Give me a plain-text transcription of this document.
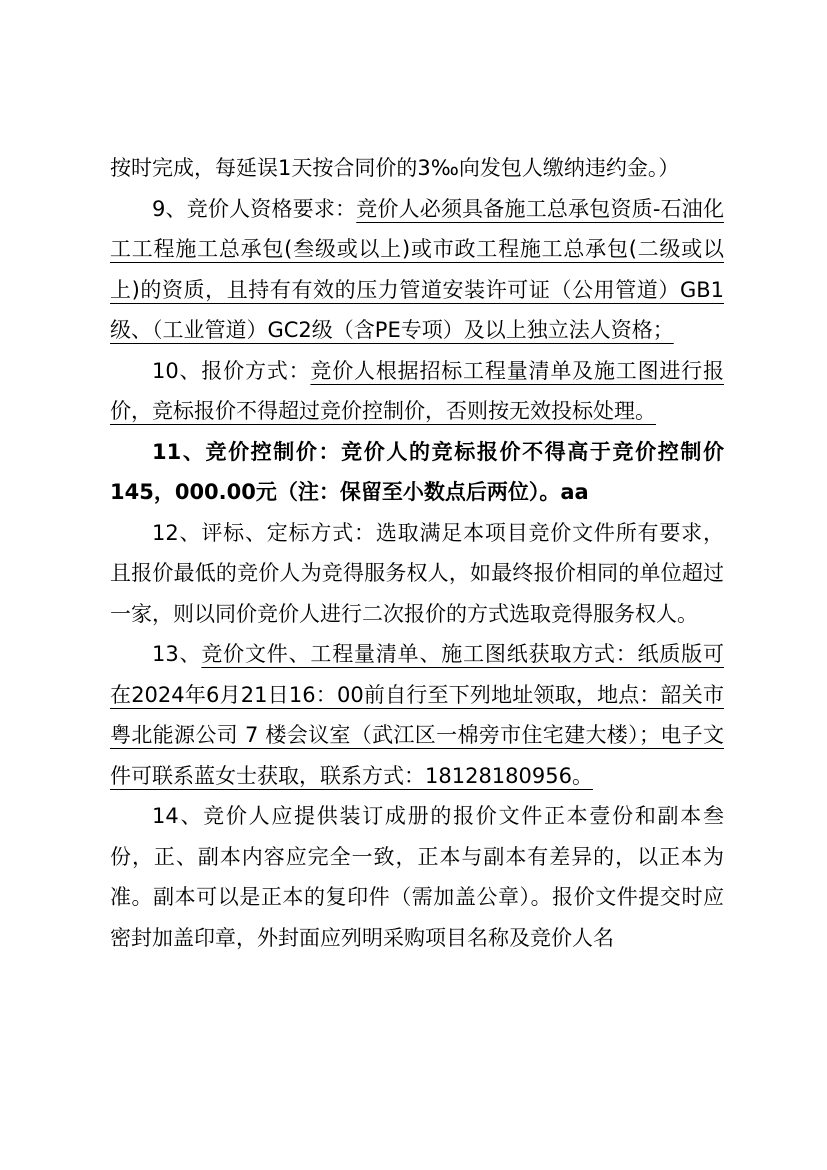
按时完成，每延误1天按合同价的3‰向发包人缴纳违约金。）

9、竞价人资格要求：竞价人必须具备施工总承包资质-石油化工工程施工总承包(叁级或以上)或市政工程施工总承包(二级或以上)的资质，且持有有效的压力管道安装许可证（公用管道）GB1级、（工业管道）GC2级（含PE专项）及以上独立法人资格；

10、报价方式：竞价人根据招标工程量清单及施工图进行报价，竞标报价不得超过竞价控制价，否则按无效投标处理。

11、竞价控制价：竞价人的竞标报价不得高于竞价控制价145，000.00元（注：保留至小数点后两位）。aa

12、评标、定标方式：选取满足本项目竞价文件所有要求，且报价最低的竞价人为竞得服务权人，如最终报价相同的单位超过一家，则以同价竞价人进行二次报价的方式选取竞得服务权人。

13、竞价文件、工程量清单、施工图纸获取方式：纸质版可在2024年6月21日16：00前自行至下列地址领取，地点：韶关市粤北能源公司 7 楼会议室（武江区一棉旁市住宅建大楼）；电子文件可联系蓝女士获取，联系方式：18128180956。

14、竞价人应提供装订成册的报价文件正本壹份和副本叁份，正、副本内容应完全一致，正本与副本有差异的，以正本为准。副本可以是正本的复印件（需加盖公章）。报价文件提交时应密封加盖印章，外封面应列明采购项目名称及竞价人名
